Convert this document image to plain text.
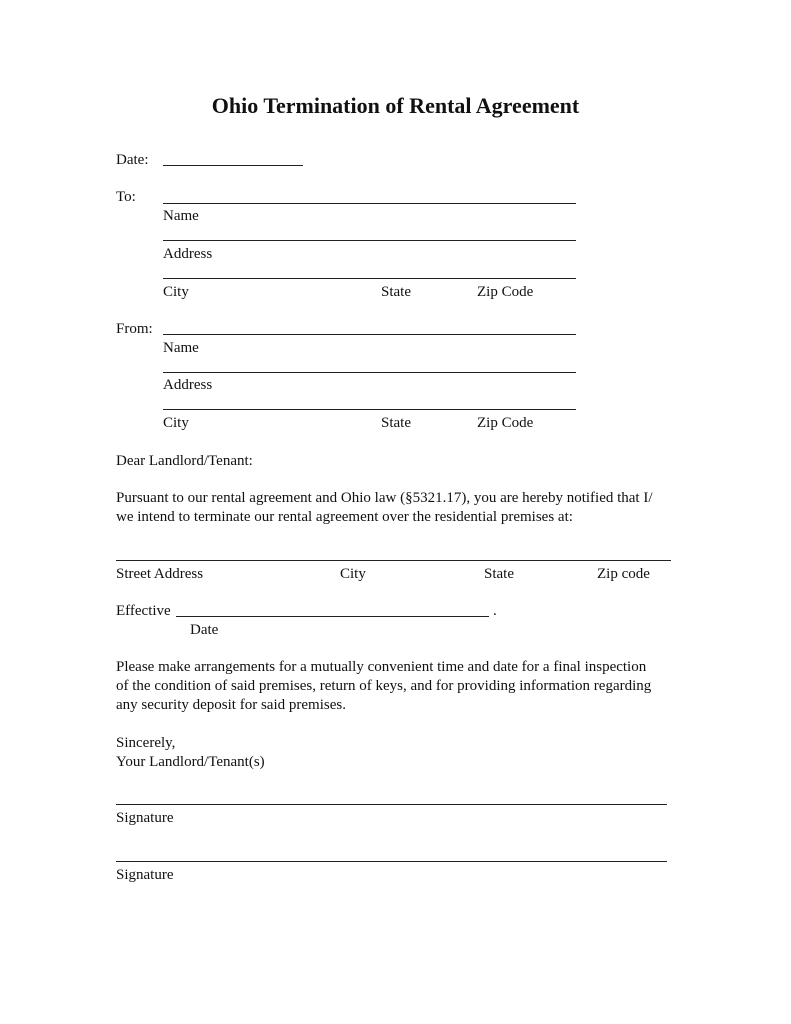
Ohio Termination of Rental Agreement
Date:
To:
Name
Address
City	State	Zip Code
From:
Name
Address
City	State	Zip Code
Dear Landlord/Tenant:
Pursuant to our rental agreement and Ohio law (§5321.17), you are hereby notified that I/
we intend to terminate our rental agreement over the residential premises at:
Street Address	City	State	Zip code
Effective	.
Date
Please make arrangements for a mutually convenient time and date for a final inspection
of the condition of said premises, return of keys, and for providing information regarding
any security deposit for said premises.
Sincerely,
Your Landlord/Tenant(s)
Signature
Signature
